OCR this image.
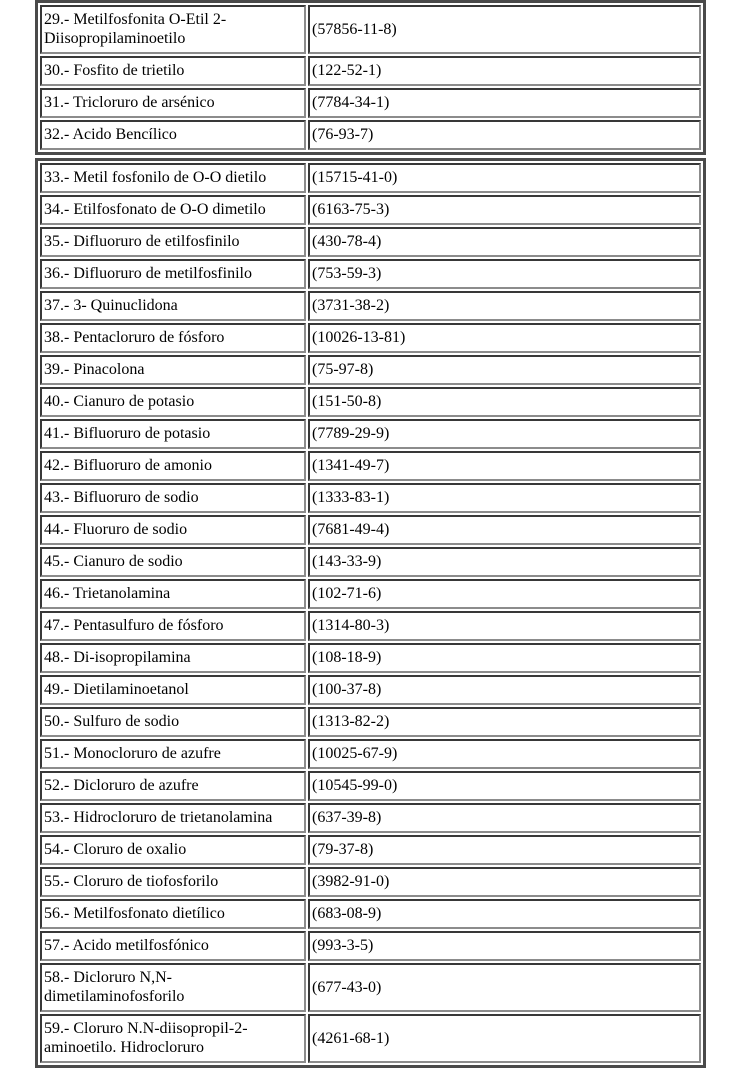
29.- Metilfosfonita O-Etil 2-Diisopropilaminoetilo	(57856-11-8)
30.- Fosfito de trietilo	(122-52-1)
31.- Tricloruro de arsénico	(7784-34-1)
32.- Acido Bencílico	(76-93-7)
33.- Metil fosfonilo de O-O dietilo	(15715-41-0)
34.- Etilfosfonato de O-O dimetilo	(6163-75-3)
35.- Difluoruro de etilfosfinilo	(430-78-4)
36.- Difluoruro de metilfosfinilo	(753-59-3)
37.- 3- Quinuclidona	(3731-38-2)
38.- Pentacloruro de fósforo	(10026-13-81)
39.- Pinacolona	(75-97-8)
40.- Cianuro de potasio	(151-50-8)
41.- Bifluoruro de potasio	(7789-29-9)
42.- Bifluoruro de amonio	(1341-49-7)
43.- Bifluoruro de sodio	(1333-83-1)
44.- Fluoruro de sodio	(7681-49-4)
45.- Cianuro de sodio	(143-33-9)
46.- Trietanolamina	(102-71-6)
47.- Pentasulfuro de fósforo	(1314-80-3)
48.- Di-isopropilamina	(108-18-9)
49.- Dietilaminoetanol	(100-37-8)
50.- Sulfuro de sodio	(1313-82-2)
51.- Monocloruro de azufre	(10025-67-9)
52.- Dicloruro de azufre	(10545-99-0)
53.- Hidrocloruro de trietanolamina	(637-39-8)
54.- Cloruro de oxalio	(79-37-8)
55.- Cloruro de tiofosforilo	(3982-91-0)
56.- Metilfosfonato dietílico	(683-08-9)
57.- Acido metilfosfónico	(993-3-5)
58.- Dicloruro N,N-dimetilaminofosforilo	(677-43-0)
59.- Cloruro N.N-diisopropil-2-aminoetilo. Hidrocloruro	(4261-68-1)
